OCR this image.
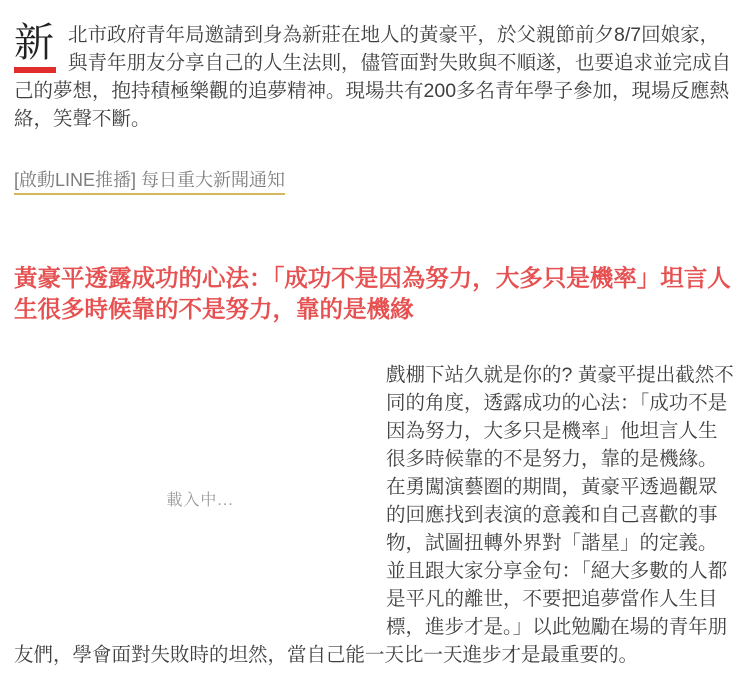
新 北市政府青年局邀請到身為新莊在地人的黃豪平，於父親節前夕8/7回娘家，與青年朋友分享自己的人生法則，儘管面對失敗與不順遂，也要追求並完成自己的夢想，抱持積極樂觀的追夢精神。現場共有200多名青年學子參加，現場反應熱絡，笑聲不斷。

[啟動LINE推播] 每日重大新聞通知
黃豪平透露成功的心法：「成功不是因為努力，大多只是機率」坦言人生很多時候靠的不是努力，靠的是機緣
載入中...
戲棚下站久就是你的? 黃豪平提出截然不同的角度，透露成功的心法：「成功不是因為努力，大多只是機率」他坦言人生很多時候靠的不是努力，靠的是機緣。在勇闖演藝圈的期間，黃豪平透過觀眾的回應找到表演的意義和自己喜歡的事物，試圖扭轉外界對「諧星」的定義。並且跟大家分享金句：「絕大多數的人都是平凡的離世，不要把追夢當作人生目標，進步才是。」以此勉勵在場的青年朋友們，學會面對失敗時的坦然，當自己能一天比一天進步才是最重要的。
